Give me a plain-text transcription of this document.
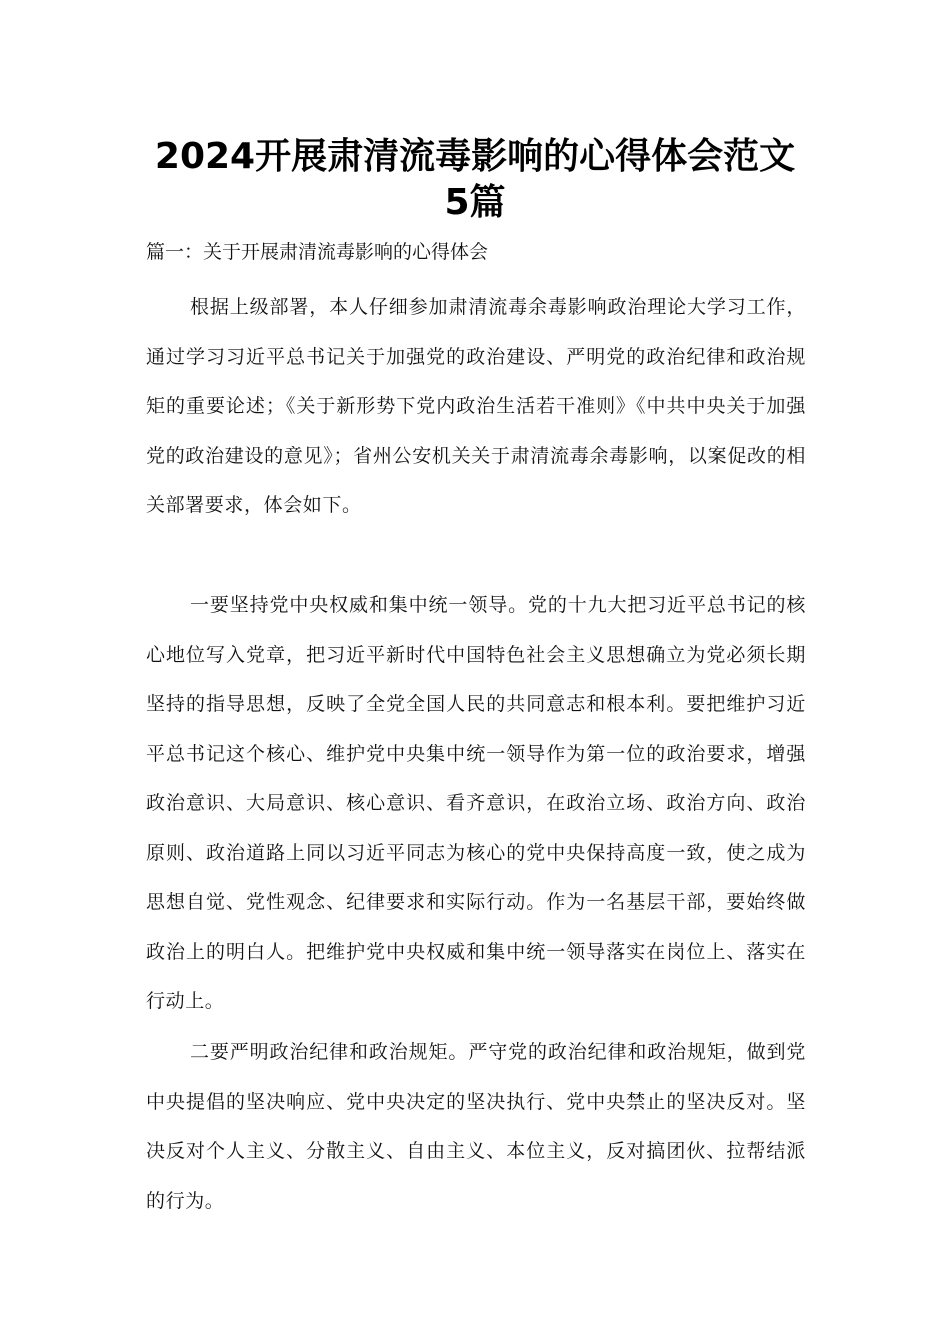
2024开展肃清流毒影响的心得体会范文
5篇

篇一：关于开展肃清流毒影响的心得体会

根据上级部署，本人仔细参加肃清流毒余毒影响政治理论大学习工作，通过学习习近平总书记关于加强党的政治建设、严明党的政治纪律和政治规矩的重要论述；《关于新形势下党内政治生活若干准则》《中共中央关于加强党的政治建设的意见》；省州公安机关关于肃清流毒余毒影响，以案促改的相关部署要求，体会如下。

一要坚持党中央权威和集中统一领导。党的十九大把习近平总书记的核心地位写入党章，把习近平新时代中国特色社会主义思想确立为党必须长期坚持的指导思想，反映了全党全国人民的共同意志和根本利。要把维护习近平总书记这个核心、维护党中央集中统一领导作为第一位的政治要求，增强政治意识、大局意识、核心意识、看齐意识，在政治立场、政治方向、政治原则、政治道路上同以习近平同志为核心的党中央保持高度一致，使之成为思想自觉、党性观念、纪律要求和实际行动。作为一名基层干部，要始终做政治上的明白人。把维护党中央权威和集中统一领导落实在岗位上、落实在行动上。

二要严明政治纪律和政治规矩。严守党的政治纪律和政治规矩，做到党中央提倡的坚决响应、党中央决定的坚决执行、党中央禁止的坚决反对。坚决反对个人主义、分散主义、自由主义、本位主义，反对搞团伙、拉帮结派的行为。
